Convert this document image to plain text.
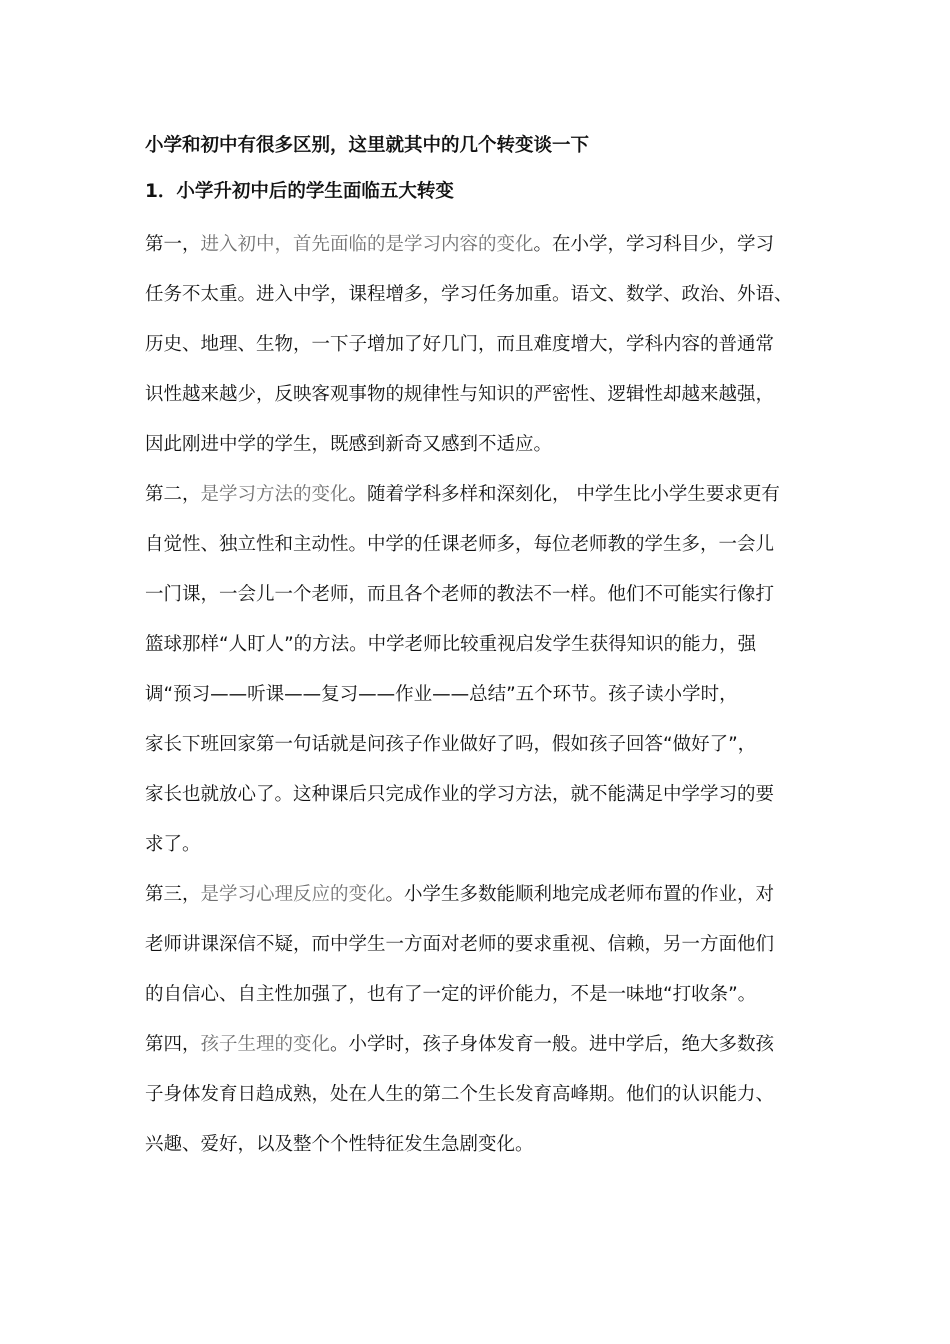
小学和初中有很多区别，这里就其中的几个转变谈一下
1．小学升初中后的学生面临五大转变
第一，进入初中，首先面临的是学习内容的变化。在小学，学习科目少，学习
任务不太重。进入中学，课程增多，学习任务加重。语文、数学、政治、外语、
历史、地理、生物，一下子增加了好几门，而且难度增大，学科内容的普通常
识性越来越少，反映客观事物的规律性与知识的严密性、逻辑性却越来越强，
因此刚进中学的学生，既感到新奇又感到不适应。
第二，是学习方法的变化。随着学科多样和深刻化， 中学生比小学生要求更有
自觉性、独立性和主动性。中学的任课老师多，每位老师教的学生多，一会儿
一门课，一会儿一个老师，而且各个老师的教法不一样。他们不可能实行像打
篮球那样“人盯人”的方法。中学老师比较重视启发学生获得知识的能力，强
调“预习——听课——复习——作业——总结”五个环节。孩子读小学时，
家长下班回家第一句话就是问孩子作业做好了吗，假如孩子回答“做好了”，
家长也就放心了。这种课后只完成作业的学习方法，就不能满足中学学习的要
求了。
第三，是学习心理反应的变化。小学生多数能顺利地完成老师布置的作业，对
老师讲课深信不疑，而中学生一方面对老师的要求重视、信赖，另一方面他们
的自信心、自主性加强了，也有了一定的评价能力，不是一味地“打收条”。
第四，孩子生理的变化。小学时，孩子身体发育一般。进中学后，绝大多数孩
子身体发育日趋成熟，处在人生的第二个生长发育高峰期。他们的认识能力、
兴趣、爱好，以及整个个性特征发生急剧变化。
